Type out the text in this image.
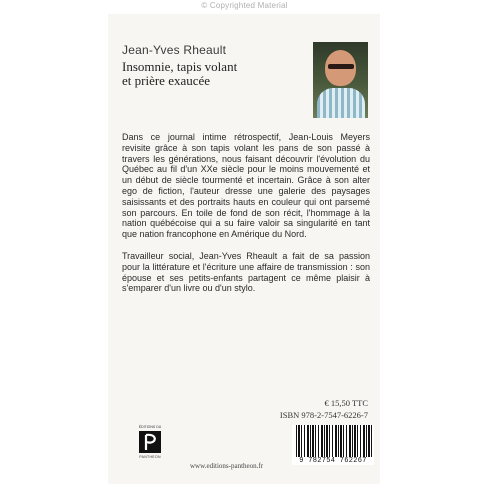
© Copyrighted Material
Jean-Yves Rheault
Insomnie, tapis volant
et prière exaucée

Dans ce journal intime rétrospectif, Jean-Louis Meyers revisite grâce à son tapis volant les pans de son passé à travers les générations, nous faisant découvrir l'évolution du Québec au fil d'un XXe siècle pour le moins mouvementé et un début de siècle tourmenté et incertain. Grâce à son alter ego de fiction, l'auteur dresse une galerie des paysages saisissants et des portraits hauts en couleur qui ont parsemé son parcours. En toile de fond de son récit, l'hommage à la nation québécoise qui a su faire valoir sa singularité en tant que nation francophone en Amérique du Nord.

Travailleur social, Jean-Yves Rheault a fait de sa passion pour la littérature et l'écriture une affaire de transmission : son épouse et ses petits-enfants partagent ce même plaisir à s'emparer d'un livre ou d'un stylo.

€ 15,50 TTC
ISBN 978-2-7547-6226-7
9 782754 762267
ÉDITIONS DU
PANTHEON
www.editions-pantheon.fr
